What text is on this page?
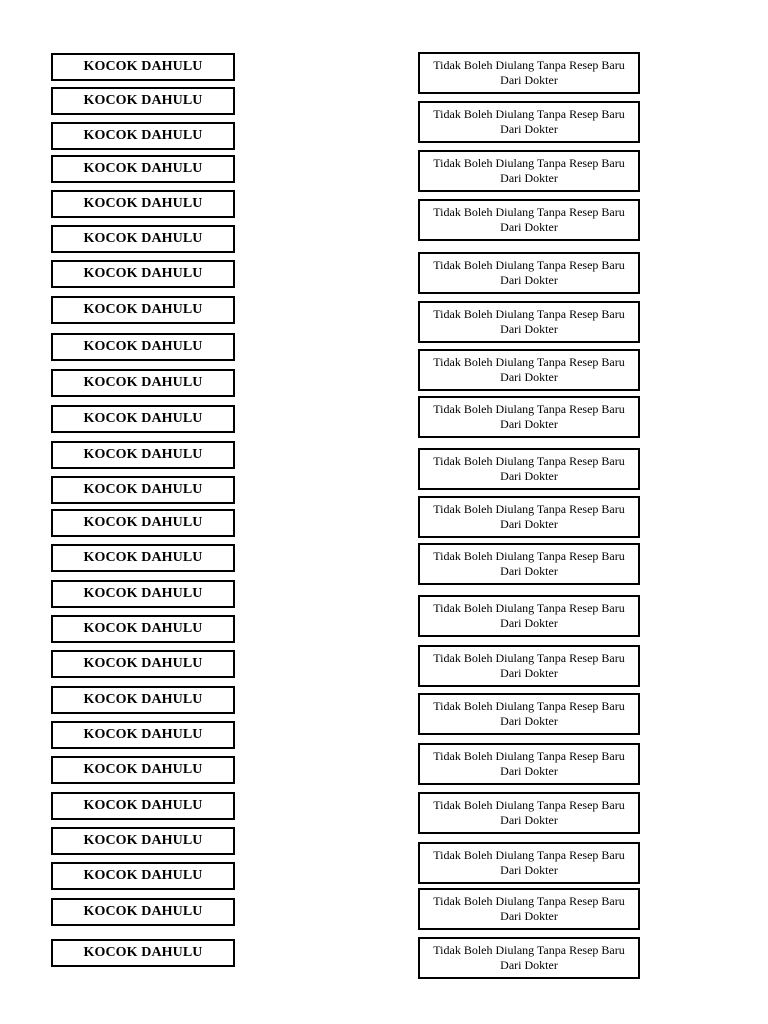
KOCOK DAHULU
KOCOK DAHULU
KOCOK DAHULU
KOCOK DAHULU
KOCOK DAHULU
KOCOK DAHULU
KOCOK DAHULU
KOCOK DAHULU
KOCOK DAHULU
KOCOK DAHULU
KOCOK DAHULU
KOCOK DAHULU
KOCOK DAHULU
KOCOK DAHULU
KOCOK DAHULU
KOCOK DAHULU
KOCOK DAHULU
KOCOK DAHULU
KOCOK DAHULU
KOCOK DAHULU
KOCOK DAHULU
KOCOK DAHULU
KOCOK DAHULU
KOCOK DAHULU
KOCOK DAHULU
KOCOK DAHULU
Tidak Boleh Diulang Tanpa Resep Baru Dari Dokter
Tidak Boleh Diulang Tanpa Resep Baru Dari Dokter
Tidak Boleh Diulang Tanpa Resep Baru Dari Dokter
Tidak Boleh Diulang Tanpa Resep Baru Dari Dokter
Tidak Boleh Diulang Tanpa Resep Baru Dari Dokter
Tidak Boleh Diulang Tanpa Resep Baru Dari Dokter
Tidak Boleh Diulang Tanpa Resep Baru Dari Dokter
Tidak Boleh Diulang Tanpa Resep Baru Dari Dokter
Tidak Boleh Diulang Tanpa Resep Baru Dari Dokter
Tidak Boleh Diulang Tanpa Resep Baru Dari Dokter
Tidak Boleh Diulang Tanpa Resep Baru Dari Dokter
Tidak Boleh Diulang Tanpa Resep Baru Dari Dokter
Tidak Boleh Diulang Tanpa Resep Baru Dari Dokter
Tidak Boleh Diulang Tanpa Resep Baru Dari Dokter
Tidak Boleh Diulang Tanpa Resep Baru Dari Dokter
Tidak Boleh Diulang Tanpa Resep Baru Dari Dokter
Tidak Boleh Diulang Tanpa Resep Baru Dari Dokter
Tidak Boleh Diulang Tanpa Resep Baru Dari Dokter
Tidak Boleh Diulang Tanpa Resep Baru Dari Dokter
